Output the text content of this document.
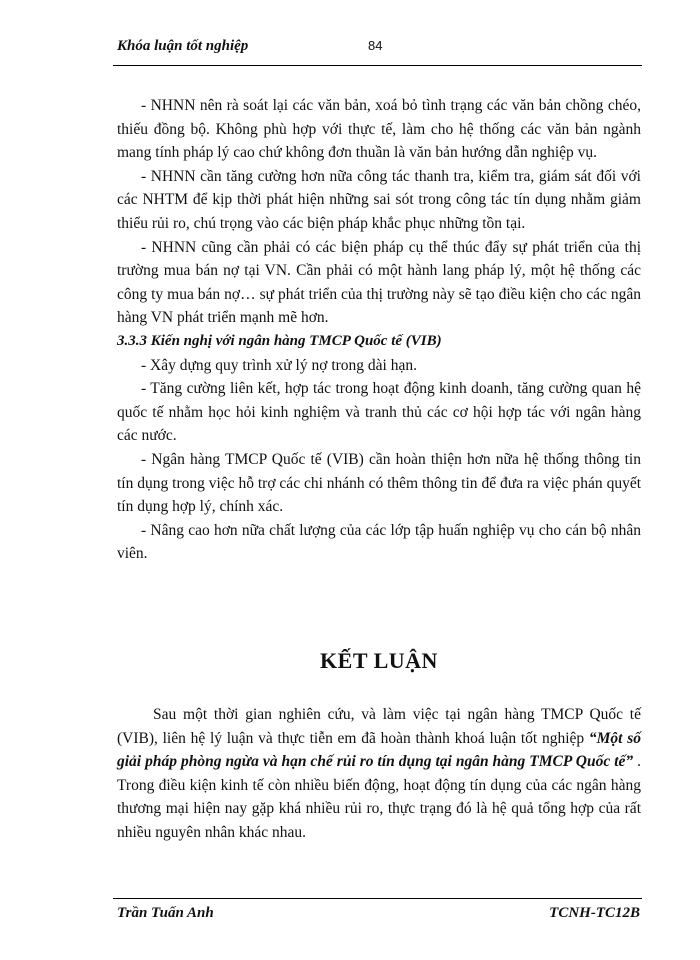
Khóa luận tốt nghiệp	84

- NHNN nên rà soát lại các văn bản, xoá bỏ tình trạng các văn bản chồng chéo, thiếu đồng bộ. Không phù hợp với thực tế, làm cho hệ thống các văn bản ngành mang tính pháp lý cao chứ không đơn thuần là văn bản hướng dẫn nghiệp vụ.

- NHNN cần tăng cường hơn nữa công tác thanh tra, kiểm tra, giám sát đối với các NHTM để kịp thời phát hiện những sai sót trong công tác tín dụng nhằm giảm thiểu rủi ro, chú trọng vào các biện pháp khắc phục những tồn tại.

- NHNN cũng cần phải có các biện pháp cụ thể thúc đẩy sự phát triển của thị trường mua bán nợ tại VN. Cần phải có một hành lang pháp lý, một hệ thống các công ty mua bán nợ… sự phát triển của thị trường này sẽ tạo điều kiện cho các ngân hàng VN phát triển mạnh mẽ hơn.

3.3.3 Kiến nghị với ngân hàng TMCP Quốc tế (VIB)

- Xây dựng quy trình xử lý nợ trong dài hạn.

- Tăng cường liên kết, hợp tác trong hoạt động kinh doanh, tăng cường quan hệ quốc tế nhằm học hỏi kinh nghiệm và tranh thủ các cơ hội hợp tác với ngân hàng các nước.

- Ngân hàng TMCP Quốc tế (VIB) cần hoàn thiện hơn nữa hệ thống thông tin tín dụng trong việc hỗ trợ các chi nhánh có thêm thông tin để đưa ra việc phán quyết tín dụng hợp lý, chính xác.

- Nâng cao hơn nữa chất lượng của các lớp tập huấn nghiệp vụ cho cán bộ nhân viên.

KẾT LUẬN

Sau một thời gian nghiên cứu, và làm việc tại ngân hàng TMCP Quốc tế (VIB), liên hệ lý luận và thực tiễn em đã hoàn thành khoá luận tốt nghiệp “Một số giải pháp phòng ngừa và hạn chế rủi ro tín dụng tại ngân hàng TMCP Quốc tế” . Trong điều kiện kinh tế còn nhiều biến động, hoạt động tín dụng của các ngân hàng thương mại hiện nay gặp khá nhiều rủi ro, thực trạng đó là hệ quả tổng hợp của rất nhiều nguyên nhân khác nhau.

Trần Tuấn Anh	TCNH-TC12B
